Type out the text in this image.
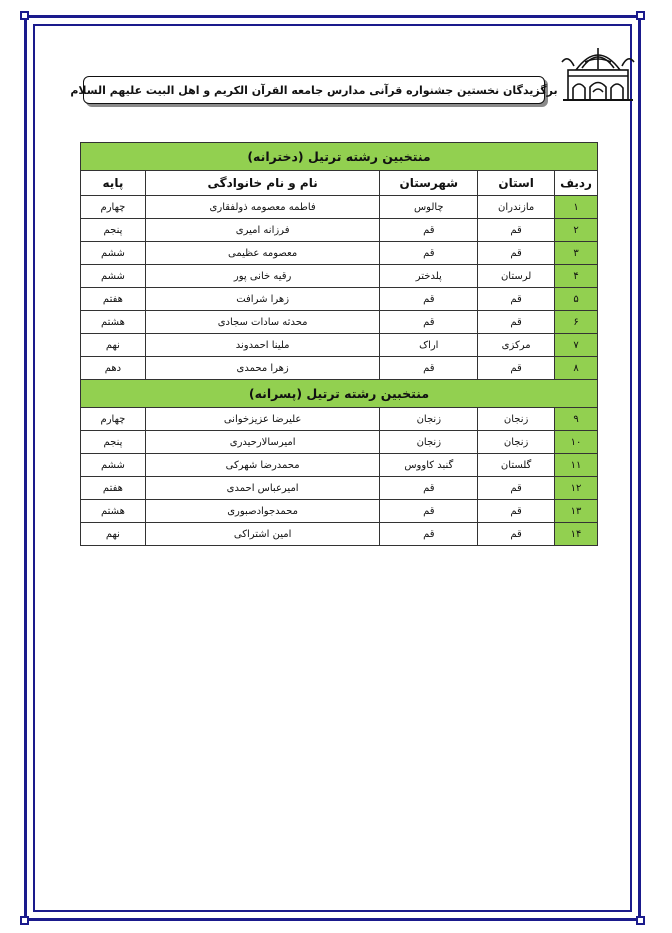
برگزیدگان نخستین جشنواره قرآنی مدارس جامعه القرآن الکریم و اهل البیت علیهم السلام
منتخبین رشته ترتیل (دخترانه)				
ردیف	استان	شهرستان	نام و نام خانوادگی	پایه
۱	مازندران	چالوس	فاطمه معصومه ذولفقاری	چهارم
۲	قم	قم	فرزانه امیری	پنجم
۳	قم	قم	معصومه عظیمی	ششم
۴	لرستان	پلدختر	رقیه خانی پور	ششم
۵	قم	قم	زهرا شرافت	هفتم
۶	قم	قم	محدثه سادات سجادی	هشتم
۷	مرکزی	اراک	ملینا احمدوند	نهم
۸	قم	قم	زهرا محمدی	دهم
منتخبین رشته ترتیل (پسرانه)				
۹	زنجان	زنجان	علیرضا عزیزخوانی	چهارم
۱۰	زنجان	زنجان	امیرسالارحیدری	پنجم
۱۱	گلستان	گنبد کاووس	محمدرضا شهرکی	ششم
۱۲	قم	قم	امیرعباس احمدی	هفتم
۱۳	قم	قم	محمدجوادصبوری	هشتم
۱۴	قم	قم	امین اشتراکی	نهم
